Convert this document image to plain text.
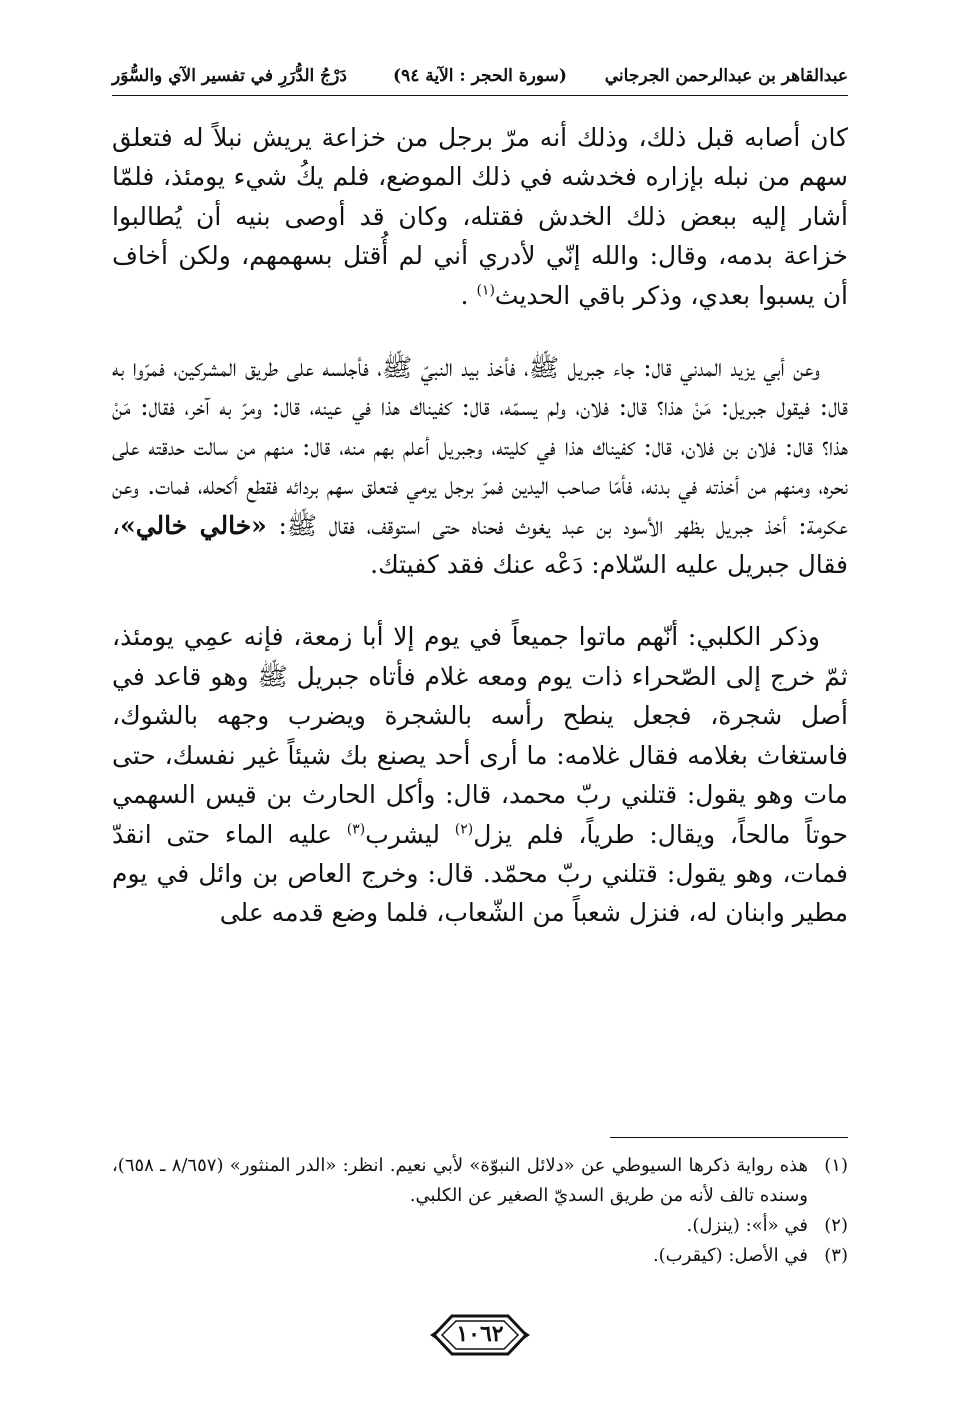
عبدالقاهر بن عبدالرحمن الجرجاني
(سورة الحجر : الآية ٩٤)
دَرْجُ الدُّرَرِ في تفسير الآي والسُّوَر

كان أصابه قبل ذلك، وذلك أنه مرّ برجل من خزاعة يريش نبلاً له فتعلق سهم من نبله بإزاره فخدشه في ذلك الموضع، فلم يكُ شيء يومئذ، فلمّا أشار إليه ببعض ذلك الخدش فقتله، وكان قد أوصى بنيه أن يُطالبوا خزاعة بدمه، وقال: والله إنّي لأدري أني لم أُقتل بسهمهم، ولكن أخاف أن يسبوا بعدي، وذكر باقي الحديث$^{(١)}$ .

وعن أبي يزيد المدني قال: جاء جبريل ﷺ، فأخذ بيد النبيّ ﷺ، فأجلسه على طريق المشركين، فمرّوا به قال: فيقول جبريل: مَنْ هذا؟ قال: فلان، ولم يسمّه، قال: كفيناك هذا في عينه، قال: ومرّ به آخر، فقال: مَنْ هذا؟ قال: فلان بن فلان، قال: كفيناك هذا في كليته، وجبريل أعلم بهم منه، قال: منهم من سالت حدقته على نحره، ومنهم من أخذته في بدنه، فأمّا صاحب اليدين فمرّ برجل يرمي فتعلق سهم بردائه فقطع أكحله، فمات. وعن عكرمة: أخذ جبريل بظهر الأسود بن عبد يغوث فحناه حتى استوقف، فقال ﷺ: «خالي خالي»، فقال جبريل عليه السّلام: دَعْه عنك فقد كفيتك.

وذكر الكلبي: أنّهم ماتوا جميعاً في يوم إلا أبا زمعة، فإنه عمِي يومئذ، ثمّ خرج إلى الصّحراء ذات يوم ومعه غلام فأتاه جبريل ﷺ وهو قاعد في أصل شجرة، فجعل ينطح رأسه بالشجرة ويضرب وجهه بالشوك، فاستغاث بغلامه فقال غلامه: ما أرى أحد يصنع بك شيئاً غير نفسك، حتى مات وهو يقول: قتلني ربّ محمد، قال: وأكل الحارث بن قيس السهمي حوتاً مالحاً، ويقال: طرياً، فلم يزل$^{(٢)}$ ليشرب$^{(٣)}$ عليه الماء حتى انقدّ فمات، وهو يقول: قتلني ربّ محمّد. قال: وخرج العاص بن وائل في يوم مطير وابنان له، فنزل شعباً من الشّعاب، فلما وضع قدمه على

(١)
هذه رواية ذكرها السيوطي عن «دلائل النبوّة» لأبي نعيم. انظر: «الدر المنثور» (٨/٦٥٧ ـ ٦٥٨)، وسنده تالف لأنه من طريق السديّ الصغير عن الكلبي.
(٢)
في «أ»: (ينزل).
(٣)
في الأصل: (كيقرب).
١٠٦٢
